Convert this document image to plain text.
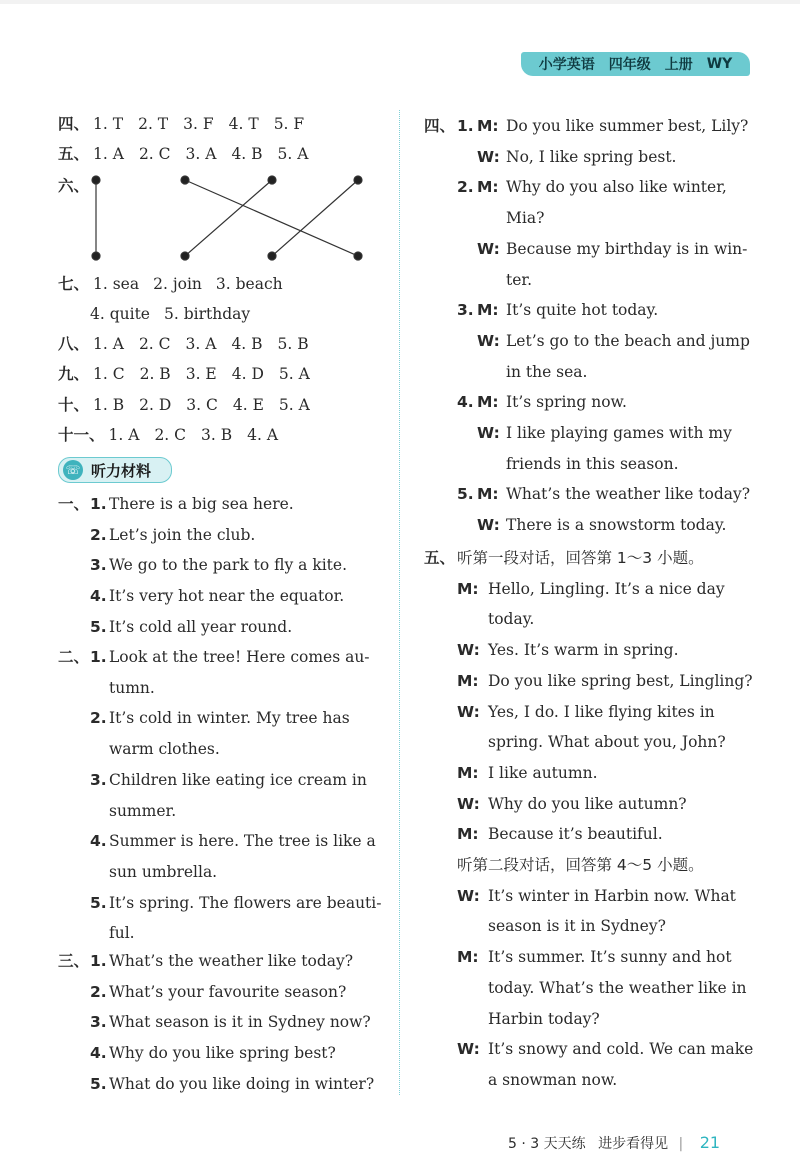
小学英语 四年级 上册 WY
四、 1. T 2. T 3. F 4. T 5. F
五、 1. A 2. C 3. A 4. B 5. A
六、
七、 1. sea 2. join 3. beach
4. quite 5. birthday
八、 1. A 2. C 3. A 4. B 5. B
九、 1. C 2. B 3. E 4. D 5. A
十、 1. B 2. D 3. C 4. E 5. A
十一、 1. A 2. C 3. B 4. A
一、 1. There is a big sea here.
2. Let’s join the club.
3. We go to the park to fly a kite.
4. It’s very hot near the equator.
5. It’s cold all year round.
二、 1. Look at the tree! Here comes au-
tumn.
2. It’s cold in winter. My tree has
warm clothes.
3. Children like eating ice cream in
summer.
4. Summer is here. The tree is like a
sun umbrella.
5. It’s spring. The flowers are beauti-
ful.
三、 1. What’s the weather like today?
2. What’s your favourite season?
3. What season is it in Sydney now?
4. Why do you like spring best?
5. What do you like doing in winter?
☏ 听力材料
四、 1. M: Do you like summer best, Lily?
W: No, I like spring best.
2. M: Why do you also like winter,
Mia?
W: Because my birthday is in win-
ter.
3. M: It’s quite hot today.
W: Let’s go to the beach and jump
in the sea.
4. M: It’s spring now.
W: I like playing games with my
friends in this season.
5. M: What’s the weather like today?
W: There is a snowstorm today.
五、 听第一段对话，回答第 1～3 小题。
M: Hello, Lingling. It’s a nice day
today.
W: Yes. It’s warm in spring.
M: Do you like spring best, Lingling?
W: Yes, I do. I like flying kites in
spring. What about you, John?
M: I like autumn.
W: Why do you like autumn?
M: Because it’s beautiful.
听第二段对话，回答第 4～5 小题。
W: It’s winter in Harbin now. What
season is it in Sydney?
M: It’s summer. It’s sunny and hot
today. What’s the weather like in
Harbin today?
W: It’s snowy and cold. We can make
a snowman now.
5 · 3 天天练 进步看得见 | 21
